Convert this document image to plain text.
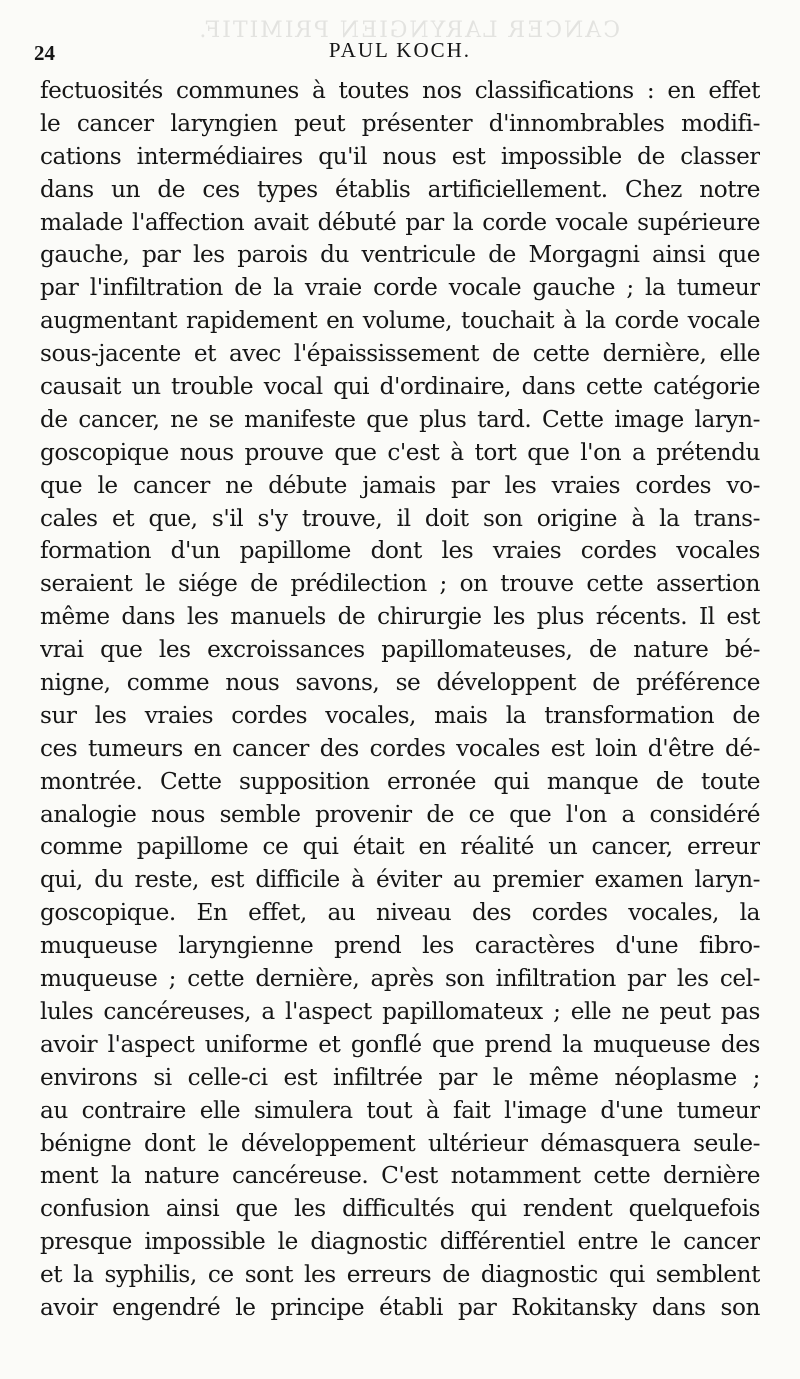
CANCER LARYNGIEN PRIMITIF.
24	PAUL KOCH.
fectuosités communes à toutes nos classifications : en effet
le cancer laryngien peut présenter d'innombrables modifi-
cations intermédiaires qu'il nous est impossible de classer
dans un de ces types établis artificiellement. Chez notre
malade l'affection avait débuté par la corde vocale supérieure
gauche, par les parois du ventricule de Morgagni ainsi que
par l'infiltration de la vraie corde vocale gauche ; la tumeur
augmentant rapidement en volume, touchait à la corde vocale
sous-jacente et avec l'épaississement de cette dernière, elle
causait un trouble vocal qui d'ordinaire, dans cette catégorie
de cancer, ne se manifeste que plus tard. Cette image laryn-
goscopique nous prouve que c'est à tort que l'on a prétendu
que le cancer ne débute jamais par les vraies cordes vo-
cales et que, s'il s'y trouve, il doit son origine à la trans-
formation d'un papillome dont les vraies cordes vocales
seraient le siége de prédilection ; on trouve cette assertion
même dans les manuels de chirurgie les plus récents. Il est
vrai que les excroissances papillomateuses, de nature bé-
nigne, comme nous savons, se développent de préférence
sur les vraies cordes vocales, mais la transformation de
ces tumeurs en cancer des cordes vocales est loin d'être dé-
montrée. Cette supposition erronée qui manque de toute
analogie nous semble provenir de ce que l'on a considéré
comme papillome ce qui était en réalité un cancer, erreur
qui, du reste, est difficile à éviter au premier examen laryn-
goscopique. En effet, au niveau des cordes vocales, la
muqueuse laryngienne prend les caractères d'une fibro-
muqueuse ; cette dernière, après son infiltration par les cel-
lules cancéreuses, a l'aspect papillomateux ; elle ne peut pas
avoir l'aspect uniforme et gonflé que prend la muqueuse des
environs si celle-ci est infiltrée par le même néoplasme ;
au contraire elle simulera tout à fait l'image d'une tumeur
bénigne dont le développement ultérieur démasquera seule-
ment la nature cancéreuse. C'est notamment cette dernière
confusion ainsi que les difficultés qui rendent quelquefois
presque impossible le diagnostic différentiel entre le cancer
et la syphilis, ce sont les erreurs de diagnostic qui semblent
avoir engendré le principe établi par Rokitansky dans son
